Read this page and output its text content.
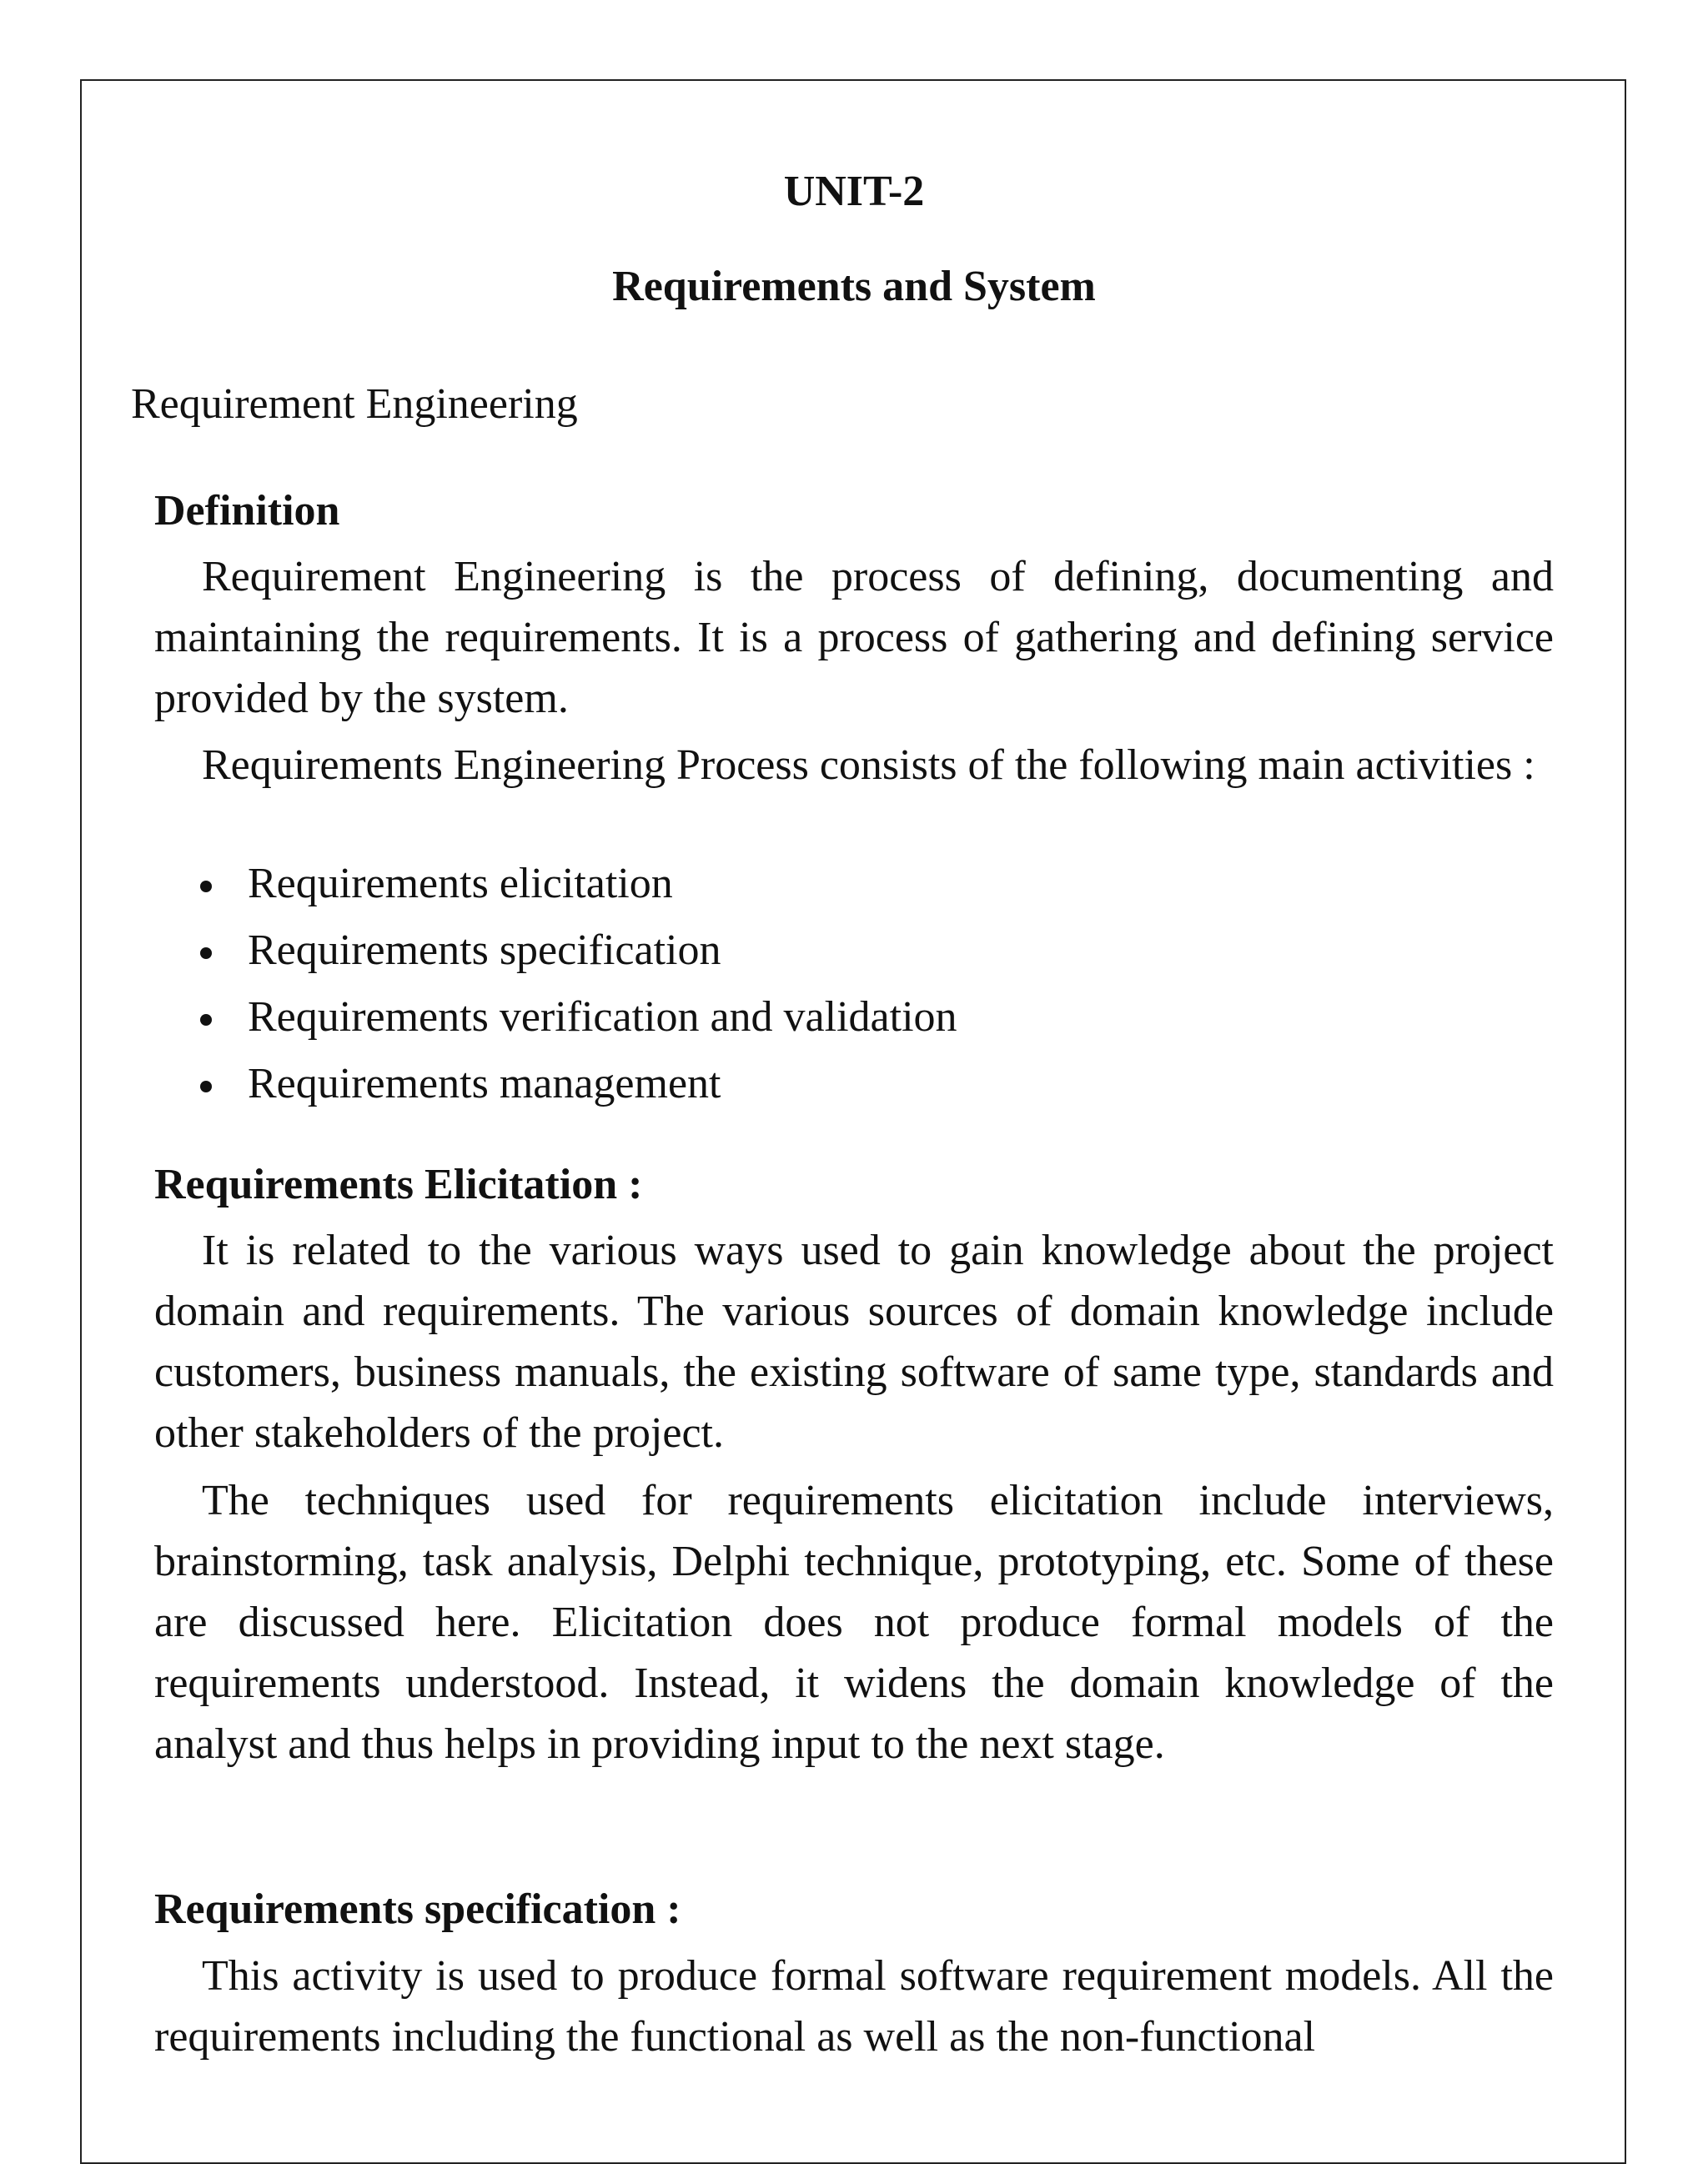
UNIT-2
Requirements and System
Requirement Engineering
Definition

Requirement Engineering is the process of defining, documenting and maintaining the requirements. It is a process of gathering and defining service provided by the system.

Requirements Engineering Process consists of the following main activities :

Requirements elicitation
Requirements specification
Requirements verification and validation
Requirements management
Requirements Elicitation :

It is related to the various ways used to gain knowledge about the project domain and requirements. The various sources of domain knowledge include customers, business manuals, the existing software of same type, standards and other stakeholders of the project.

The techniques used for requirements elicitation include interviews, brainstorming, task analysis, Delphi technique, prototyping, etc. Some of these are discussed here. Elicitation does not produce formal models of the requirements understood. Instead, it widens the domain knowledge of the analyst and thus helps in providing input to the next stage.

Requirements specification :

This activity is used to produce formal software requirement models. All the requirements including the functional as well as the non-functional
